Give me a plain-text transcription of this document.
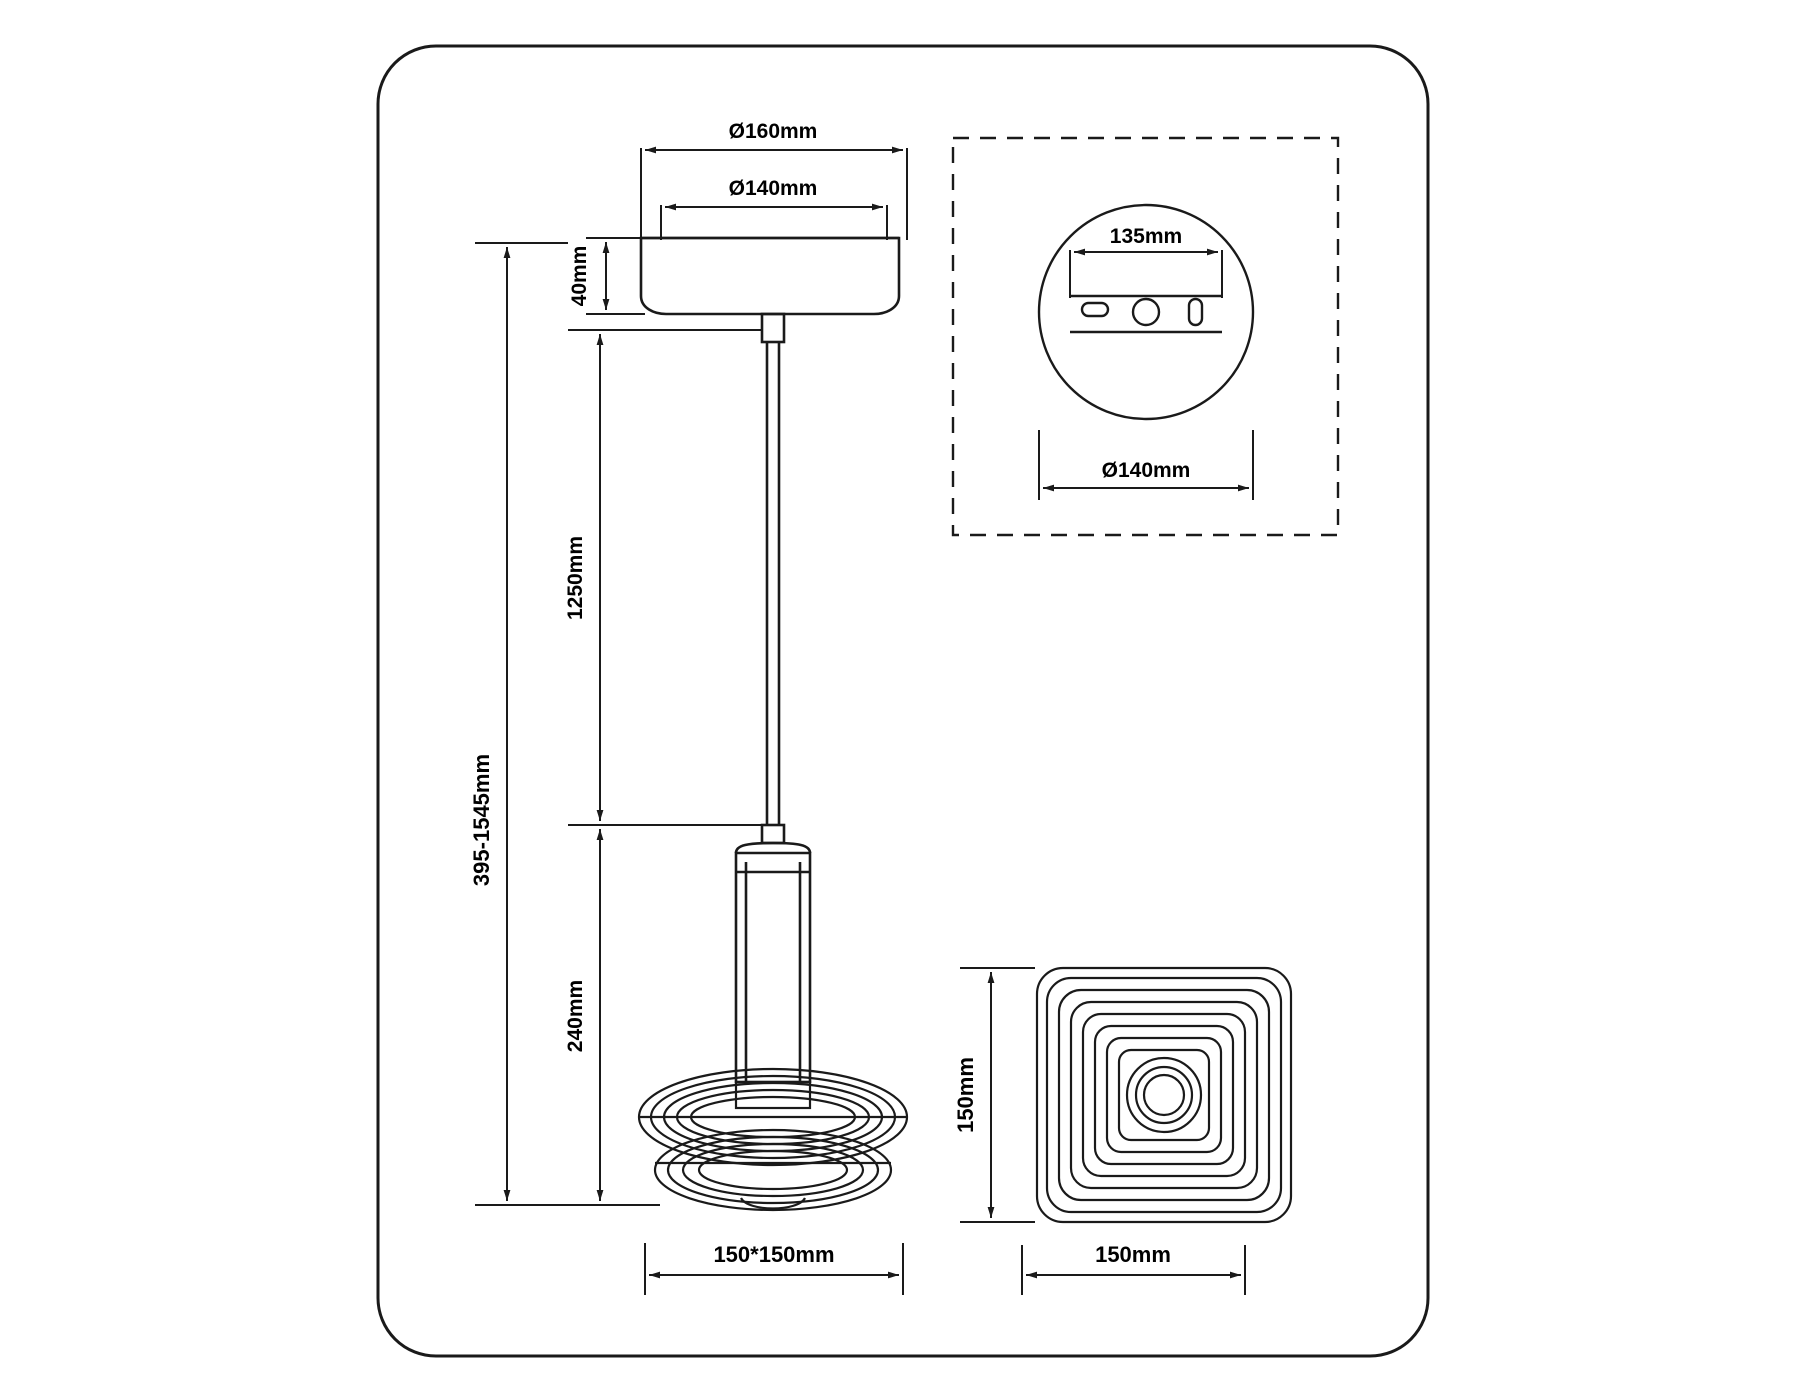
Ø160mm
Ø140mm
40mm
1250mm
240mm
395-1545mm
150*150mm
135mm
Ø140mm
150mm
150mm
